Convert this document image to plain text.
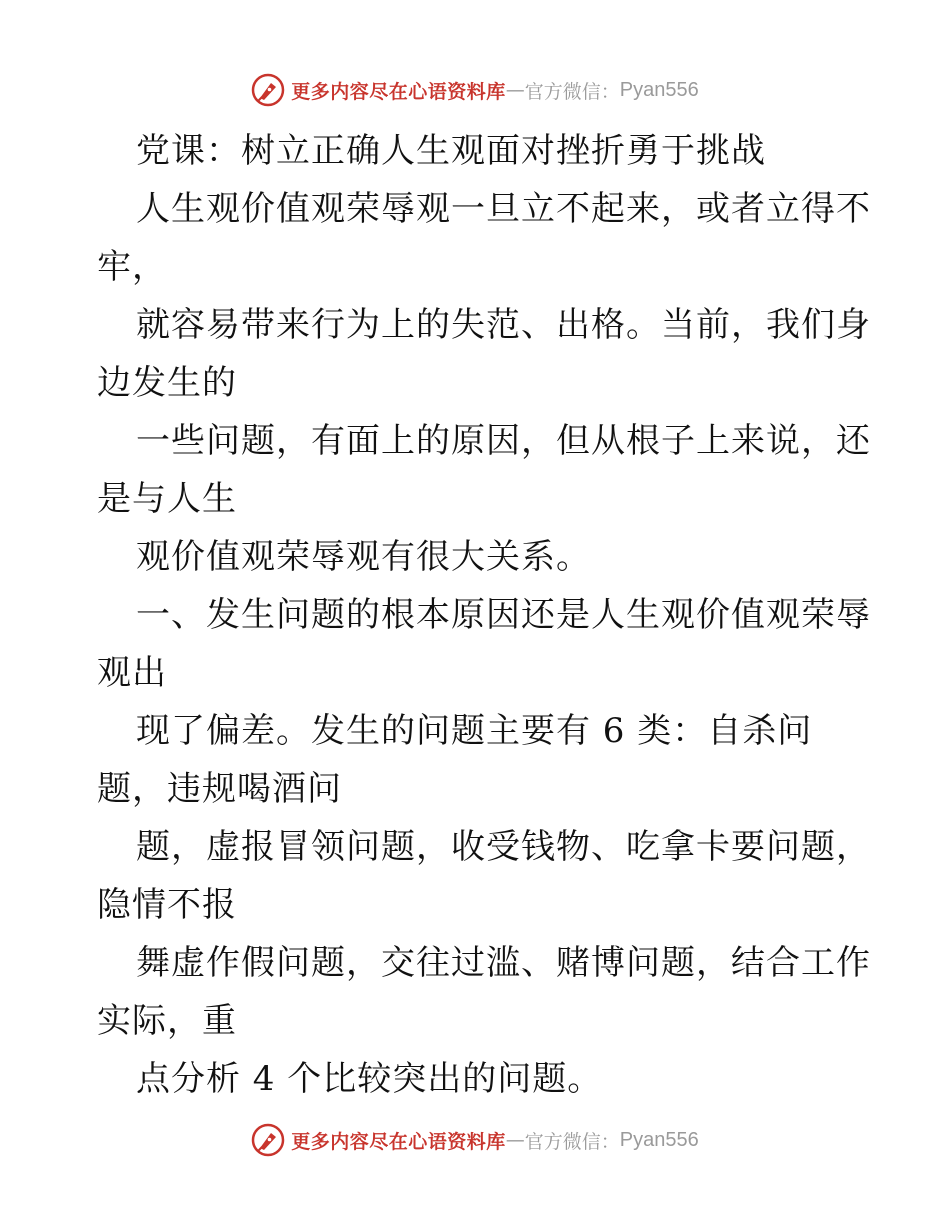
更多内容尽在心语资料库 — 官方微信： Pyan556
党课：树立正确人生观面对挫折勇于挑战
人生观价值观荣辱观一旦立不起来，或者立得不
牢，
就容易带来行为上的失范、出格。当前，我们身
边发生的
一些问题，有面上的原因，但从根子上来说，还
是与人生
观价值观荣辱观有很大关系。
一、发生问题的根本原因还是人生观价值观荣辱
观出
现了偏差。发生的问题主要有 6 类：自杀问
题，违规喝酒问
题，虚报冒领问题，收受钱物、吃拿卡要问题，
隐情不报
舞虚作假问题，交往过滥、赌博问题，结合工作
实际，重
点分析 4 个比较突出的问题。
更多内容尽在心语资料库 — 官方微信： Pyan556
